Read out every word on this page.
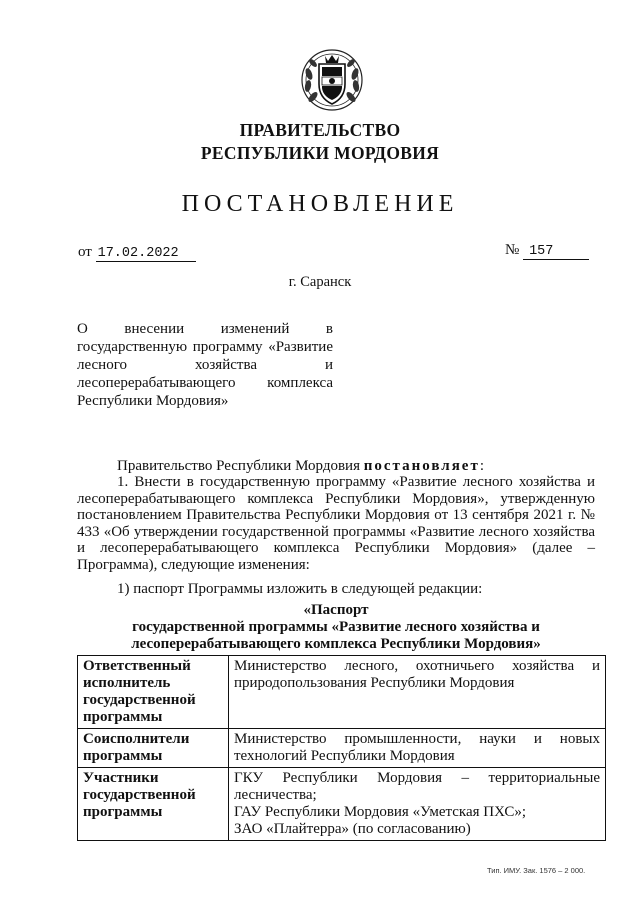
ПРАВИТЕЛЬСТВО
РЕСПУБЛИКИ МОРДОВИЯ
ПОСТАНОВЛЕНИЕ
от 17.02.2022	№ 157
г. Саранск
О внесении изменений в государственную программу «Развитие лесного хозяйства и лесоперерабатывающего комплекса Республики Мордовия»
Правительство Республики Мордовия постановляет:
1. Внести в государственную программу «Развитие лесного хозяйства и лесоперерабатывающего комплекса Республики Мордовия», утвержденную постановлением Правительства Республики Мордовия от 13 сентября 2021 г. № 433 «Об утверждении государственной программы «Развитие лесного хозяйства и лесоперерабатывающего комплекса Республики Мордовия» (далее – Программа), следующие изменения:
1) паспорт Программы изложить в следующей редакции:
«Паспорт
государственной программы «Развитие лесного хозяйства и
лесоперерабатывающего комплекса Республики Мордовия»
Ответственный исполнитель государственной программы	Министерство лесного, охотничьего хозяйства и природопользования Республики Мордовия

Соисполнители программы	Министерство промышленности, науки и новых технологий Республики Мордовия

Участники государственной программы	ГКУ Республики Мордовия – территориальные лесничества;
ГАУ Республики Мордовия «Уметская ПХС»;
ЗАО «Плайтерра» (по согласованию)
Тип. ИМУ. Зак. 1576 – 2 000.
